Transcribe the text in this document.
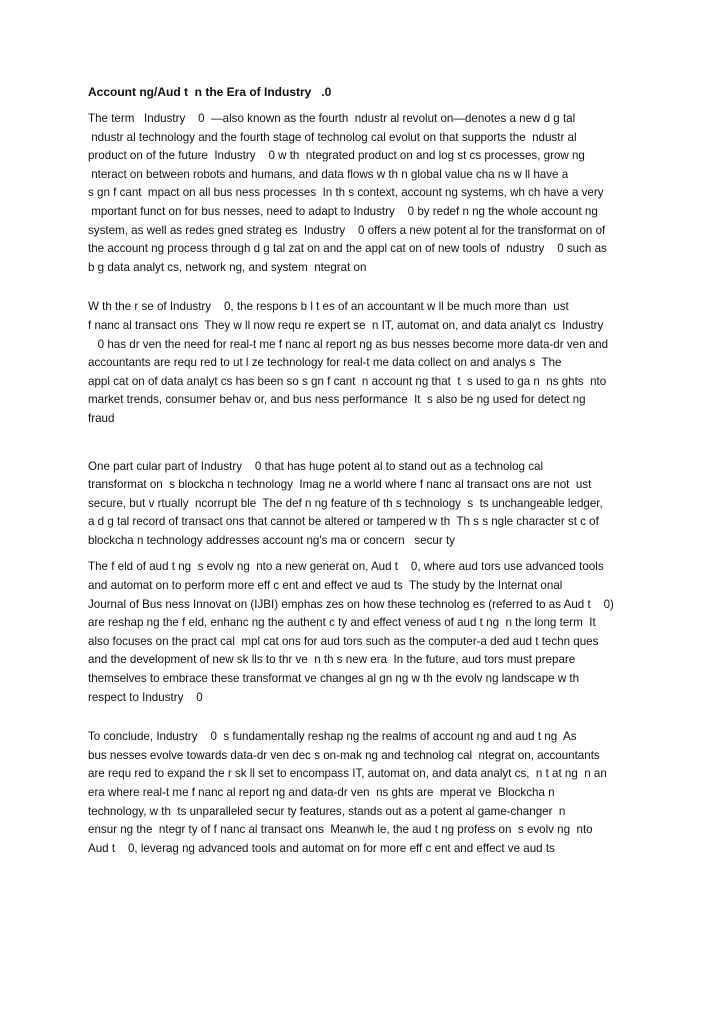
Account ng/Aud t  n the Era of Industry   .0
The term   Industry    0  —also known as the fourth  ndustr al revolut on—denotes a new d g tal
ndustr al technology and the fourth stage of technolog cal evolut on that supports the  ndustr al
product on of the future  Industry    0 w th  ntegrated product on and log st cs processes, grow ng
nteract on between robots and humans, and data flows w th n global value cha ns w ll have a
s gn f cant  mpact on all bus ness processes  In th s context, account ng systems, wh ch have a very
mportant funct on for bus nesses, need to adapt to Industry    0 by redef n ng the whole account ng
system, as well as redes gned strateg es  Industry    0 offers a new potent al for the transformat on of
the account ng process through d g tal zat on and the appl cat on of new tools of  ndustry    0 such as
b g data analyt cs, network ng, and system  ntegrat on
W th the r se of Industry    0, the respons b l t es of an accountant w ll be much more than  ust
f nanc al transact ons  They w ll now requ re expert se  n IT, automat on, and data analyt cs  Industry
0 has dr ven the need for real-t me f nanc al report ng as bus nesses become more data-dr ven and
accountants are requ red to ut l ze technology for real-t me data collect on and analys s  The
appl cat on of data analyt cs has been so s gn f cant  n account ng that  t  s used to ga n  ns ghts  nto
market trends, consumer behav or, and bus ness performance  It  s also be ng used for detect ng
fraud
One part cular part of Industry    0 that has huge potent al to stand out as a technolog cal
transformat on  s blockcha n technology  Imag ne a world where f nanc al transact ons are not  ust
secure, but v rtually  ncorrupt ble  The def n ng feature of th s technology  s  ts unchangeable ledger,
a d g tal record of transact ons that cannot be altered or tampered w th  Th s s ngle character st c of
blockcha n technology addresses account ng's ma or concern   secur ty
The f eld of aud t ng  s evolv ng  nto a new generat on, Aud t    0, where aud tors use advanced tools
and automat on to perform more eff c ent and effect ve aud ts  The study by the Internat onal
Journal of Bus ness Innovat on (IJBI) emphas zes on how these technolog es (referred to as Aud t    0)
are reshap ng the f eld, enhanc ng the authent c ty and effect veness of aud t ng  n the long term  It
also focuses on the pract cal  mpl cat ons for aud tors such as the computer-a ded aud t techn ques
and the development of new sk lls to thr ve  n th s new era  In the future, aud tors must prepare
themselves to embrace these transformat ve changes al gn ng w th the evolv ng landscape w th
respect to Industry    0
To conclude, Industry    0  s fundamentally reshap ng the realms of account ng and aud t ng  As
bus nesses evolve towards data-dr ven dec s on-mak ng and technolog cal  ntegrat on, accountants
are requ red to expand the r sk ll set to encompass IT, automat on, and data analyt cs,  n t at ng  n an
era where real-t me f nanc al report ng and data-dr ven  ns ghts are  mperat ve  Blockcha n
technology, w th  ts unparalleled secur ty features, stands out as a potent al game-changer  n
ensur ng the  ntegr ty of f nanc al transact ons  Meanwh le, the aud t ng profess on  s evolv ng  nto
Aud t    0, leverag ng advanced tools and automat on for more eff c ent and effect ve aud ts
